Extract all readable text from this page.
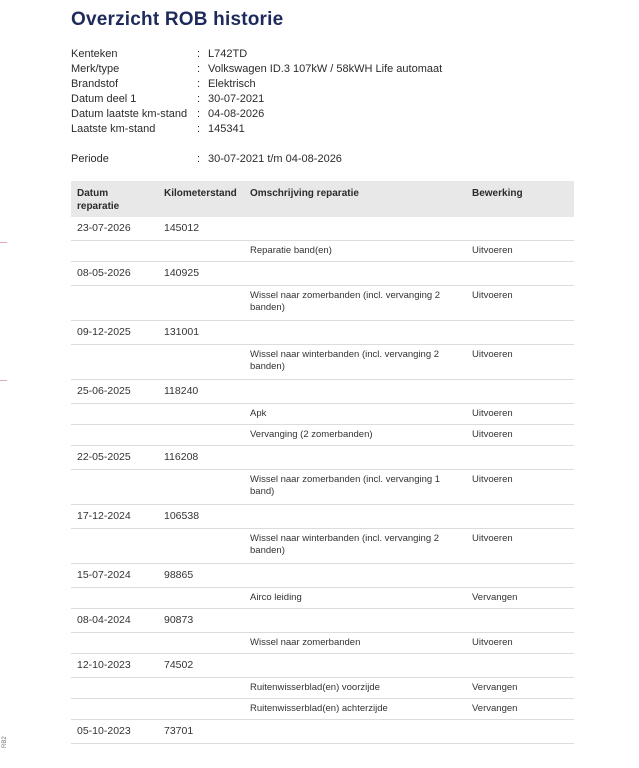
Overzicht ROB historie
Kenteken	: L742TD
Merk/type	: Volkswagen ID.3 107kW / 58kWH Life automaat
Brandstof	: Elektrisch
Datum deel 1	: 30-07-2021
Datum laatste km-stand : 04-08-2026
Laatste km-stand	: 145341
Periode	: 30-07-2021 t/m 04-08-2026
Datum
reparatie	Kilometerstand	Omschrijving reparatie	Bewerking
23-07-2026	145012		
		Reparatie band(en)	Uitvoeren
08-05-2026	140925		
		Wissel naar zomerbanden (incl. vervanging 2 banden)	Uitvoeren
09-12-2025	131001		
		Wissel naar winterbanden (incl. vervanging 2 banden)	Uitvoeren
25-06-2025	118240		
		Apk	Uitvoeren
		Vervanging (2 zomerbanden)	Uitvoeren
22-05-2025	116208		
		Wissel naar zomerbanden (incl. vervanging 1 band)	Uitvoeren
17-12-2024	106538		
		Wissel naar winterbanden (incl. vervanging 2 banden)	Uitvoeren
15-07-2024	98865		
		Airco leiding	Vervangen
08-04-2024	90873		
		Wissel naar zomerbanden	Uitvoeren
12-10-2023	74502		
		Ruitenwisserblad(en) voorzijde	Vervangen
		Ruitenwisserblad(en) achterzijde	Vervangen
05-10-2023	73701		
RB2
